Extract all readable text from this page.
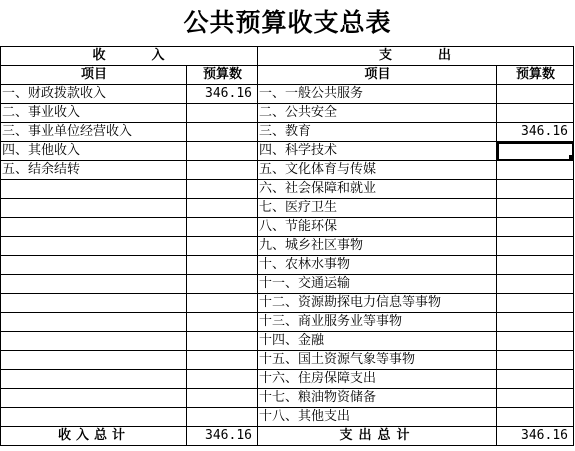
公共预算收支总表
收 入		支 出	
项目	预算数	项目	预算数
一、财政拨款收入	346.16	一、一般公共服务	
二、事业收入		二、公共安全	
三、事业单位经营收入		三、教育	346.16
四、其他收入		四、科学技术	
五、结余结转		五、文化体育与传媒	
		六、社会保障和就业	
		七、医疗卫生	
		八、节能环保	
		九、城乡社区事物	
		十、农林水事物	
		十一、交通运输	
		十二、资源勘探电力信息等事物	
		十三、商业服务业等事物	
		十四、金融	
		十五、国土资源气象等事物	
		十六、住房保障支出	
		十七、粮油物资储备	
		十八、其他支出	
收入总计	346.16	支出总计	346.16
